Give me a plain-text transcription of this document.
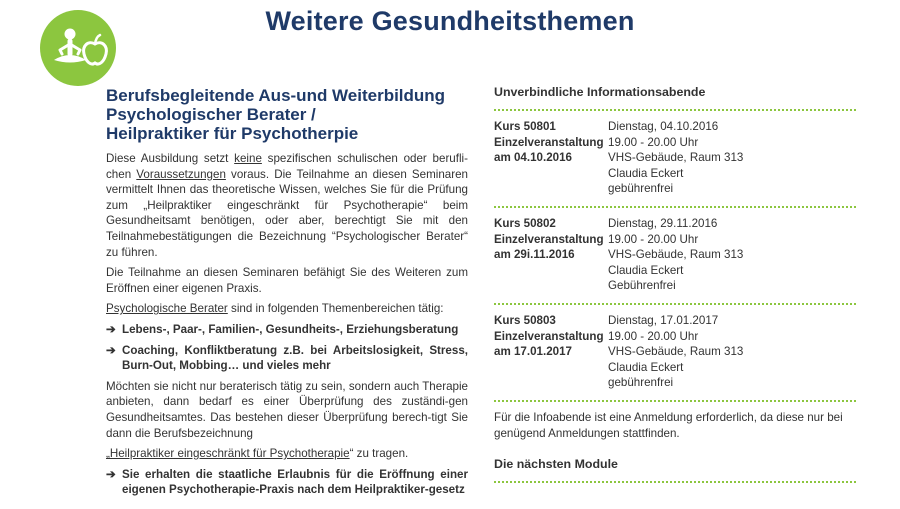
Weitere Gesundheitsthemen
Berufsbegleitende Aus-und Weiterbildung
Psychologischer Berater /
Heilpraktiker für Psychotherpie

Diese Ausbildung setzt keine spezifischen schulischen oder berufli-chen Voraussetzungen voraus. Die Teilnahme an diesen Seminaren vermittelt Ihnen das theoretische Wissen, welches Sie für die Prüfung zum „Heilpraktiker eingeschränkt für Psychotherapie“ beim Gesundheitsamt benötigen, oder aber, berechtigt Sie mit den Teilnahmebestätigungen die Bezeichnung “Psychologischer Berater“ zu führen.

Die Teilnahme an diesen Seminaren befähigt Sie des Weiteren zum Eröffnen einer eigenen Praxis.

Psychologische Berater sind in folgenden Themenbereichen tätig:

➔ Lebens-, Paar-, Familien-, Gesundheits-, Erziehungsberatung
➔ Coaching, Konfliktberatung z.B. bei Arbeitslosigkeit, Stress, Burn-Out, Mobbing… und vieles mehr

Möchten sie nicht nur beraterisch tätig zu sein, sondern auch Therapie anbieten, dann bedarf es einer Überprüfung des zuständi-gen Gesundheitsamtes. Das bestehen dieser Überprüfung berech-tigt Sie dann die Berufsbezeichnung

„Heilpraktiker eingeschränkt für Psychotherapie“ zu tragen.

➔ Sie erhalten die staatliche Erlaubnis für die Eröffnung einer eigenen Psychotherapie-Praxis nach dem Heilpraktiker-gesetz
Unverbindliche Informationsabende
Kurs 50801
Einzelveranstaltung
am 04.10.2016
Dienstag, 04.10.2016
19.00 - 20.00 Uhr
VHS-Gebäude, Raum 313
Claudia Eckert
gebührenfrei
Kurs 50802
Einzelveranstaltung
am 29i.11.2016
Dienstag, 29.11.2016
19.00 - 20.00 Uhr
VHS-Gebäude, Raum 313
Claudia Eckert
Gebührenfrei
Kurs 50803
Einzelveranstaltung
am 17.01.2017
Dienstag, 17.01.2017
19.00 - 20.00 Uhr
VHS-Gebäude, Raum 313
Claudia Eckert
gebührenfrei
Für die Infoabende ist eine Anmeldung erforderlich, da diese nur bei genügend Anmeldungen stattfinden.
Die nächsten Module
